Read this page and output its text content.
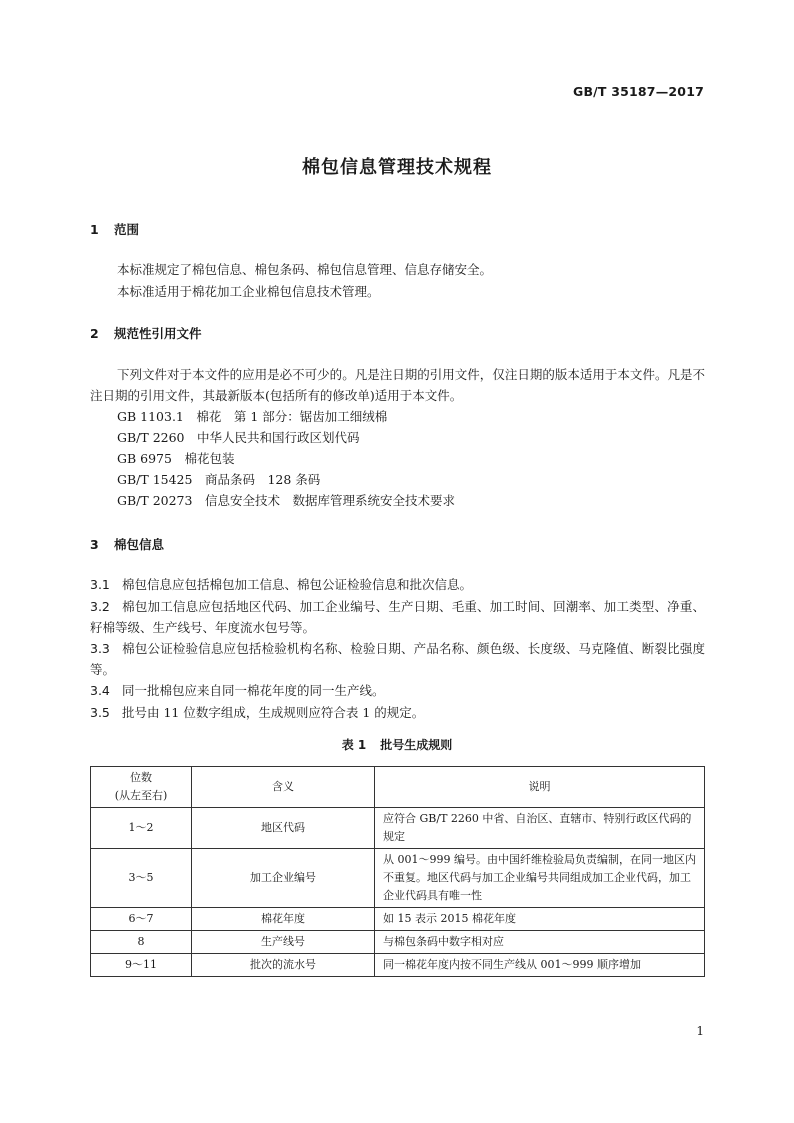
GB/T 35187—2017
棉包信息管理技术规程
1 范围
本标准规定了棉包信息、棉包条码、棉包信息管理、信息存储安全。
本标准适用于棉花加工企业棉包信息技术管理。
2 规范性引用文件
下列文件对于本文件的应用是必不可少的。凡是注日期的引用文件，仅注日期的版本适用于本文件。凡是不注日期的引用文件，其最新版本(包括所有的修改单)适用于本文件。
GB 1103.1　棉花　第 1 部分：锯齿加工细绒棉
GB/T 2260　中华人民共和国行政区划代码
GB 6975　棉花包装
GB/T 15425　商品条码　128 条码
GB/T 20273　信息安全技术　数据库管理系统安全技术要求
3 棉包信息
3.1 棉包信息应包括棉包加工信息、棉包公证检验信息和批次信息。
3.2 棉包加工信息应包括地区代码、加工企业编号、生产日期、毛重、加工时间、回潮率、加工类型、净重、籽棉等级、生产线号、年度流水包号等。
3.3 棉包公证检验信息应包括检验机构名称、检验日期、产品名称、颜色级、长度级、马克隆值、断裂比强度等。
3.4 同一批棉包应来自同一棉花年度的同一生产线。
3.5 批号由 11 位数字组成，生成规则应符合表 1 的规定。
表 1 批号生成规则
位数
(从左至右)	含义	说明
1～2	地区代码	应符合 GB/T 2260 中省、自治区、直辖市、特别行政区代码的规定
3～5	加工企业编号	从 001～999 编号。由中国纤维检验局负责编制，在同一地区内不重复。地区代码与加工企业编号共同组成加工企业代码，加工企业代码具有唯一性
6～7	棉花年度	如 15 表示 2015 棉花年度
8	生产线号	与棉包条码中数字相对应
9～11	批次的流水号	同一棉花年度内按不同生产线从 001～999 顺序增加
1
